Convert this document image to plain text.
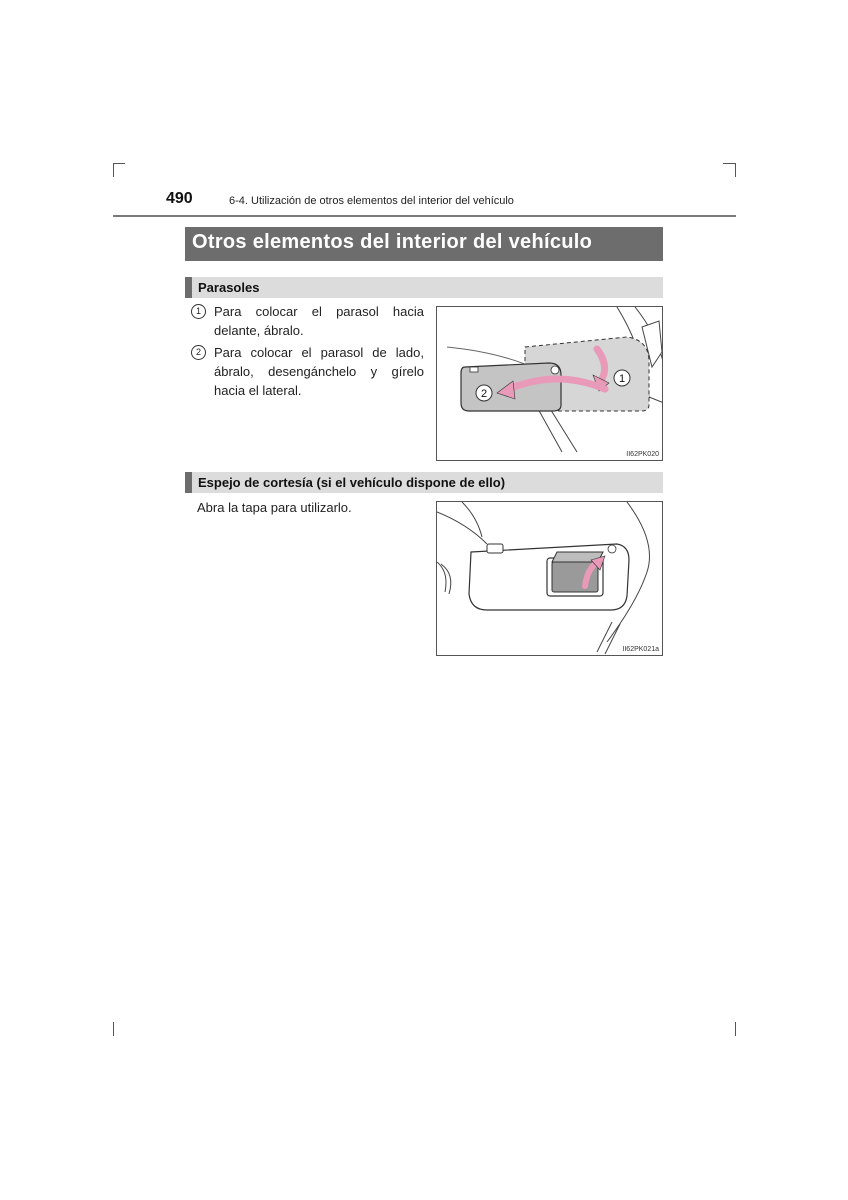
490	6-4. Utilización de otros elementos del interior del vehículo
Otros elementos del interior del vehículo
Parasoles
1	Para colocar el parasol hacia delante, ábralo.
2	Para colocar el parasol de lado, ábralo, desengánchelo y gírelo hacia el lateral.
1
2
II62PK020
Espejo de cortesía (si el vehículo dispone de ello)
Abra la tapa para utilizarlo.
II62PK021a
